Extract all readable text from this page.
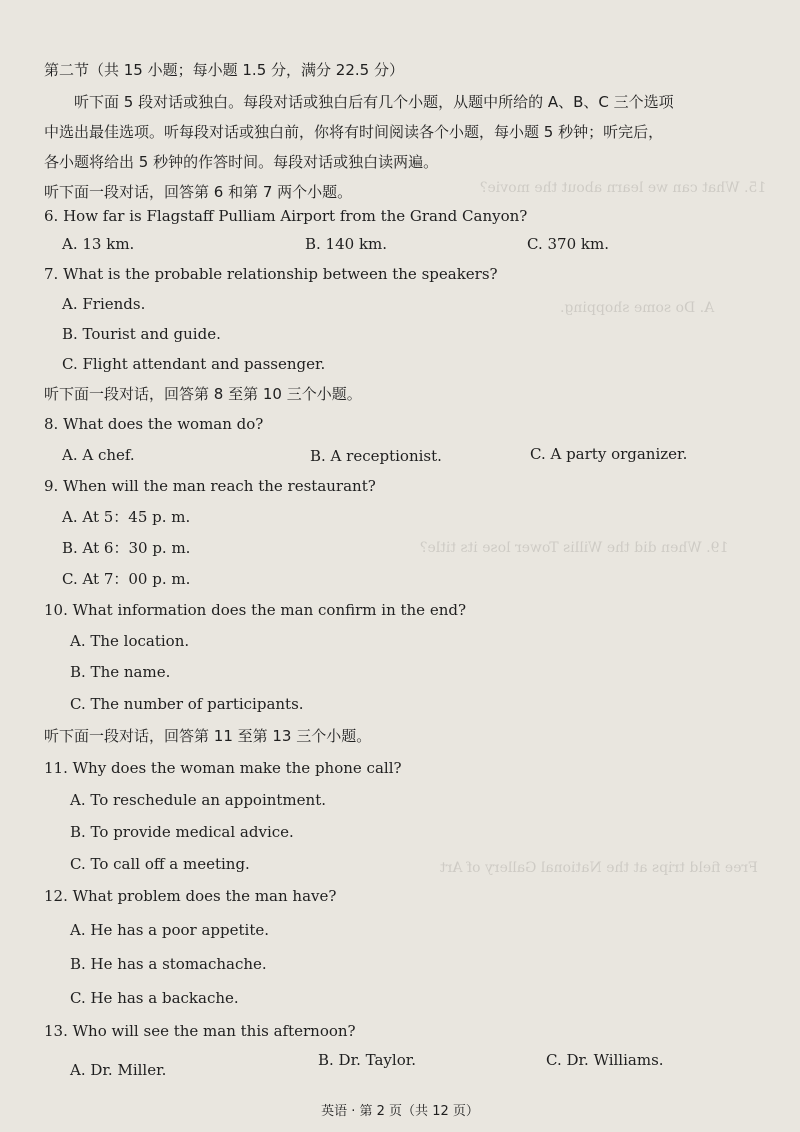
15. What can we learn about the movie?
A. Do some shopping.
19. When did the Willis Tower lose its title?
Free field trips at the National Gallery of Art
第二节（共 15 小题；每小题 1.5 分，满分 22.5 分）
听下面 5 段对话或独白。每段对话或独白后有几个小题，从题中所给的 A、B、C 三个选项
中选出最佳选项。听每段对话或独白前，你将有时间阅读各个小题，每小题 5 秒钟；听完后，
各小题将给出 5 秒钟的作答时间。每段对话或独白读两遍。
听下面一段对话，回答第 6 和第 7 两个小题。
6. How far is Flagstaff Pulliam Airport from the Grand Canyon?
A. 13 km.	B. 140 km.	C. 370 km.
7. What is the probable relationship between the speakers?
A. Friends.
B. Tourist and guide.
C. Flight attendant and passenger.
听下面一段对话，回答第 8 至第 10 三个小题。
8. What does the woman do?
A. A chef.	B. A receptionist.	C. A party organizer.
9. When will the man reach the restaurant?
A. At 5：45 p. m.
B. At 6：30 p. m.
C. At 7：00 p. m.
10. What information does the man confirm in the end?
A. The location.
B. The name.
C. The number of participants.
听下面一段对话，回答第 11 至第 13 三个小题。
11. Why does the woman make the phone call?
A. To reschedule an appointment.
B. To provide medical advice.
C. To call off a meeting.
12. What problem does the man have?
A. He has a poor appetite.
B. He has a stomachache.
C. He has a backache.
13. Who will see the man this afternoon?
A. Dr. Miller.
B. Dr. Taylor.	C. Dr. Williams.
英语 · 第 2 页（共 12 页）
